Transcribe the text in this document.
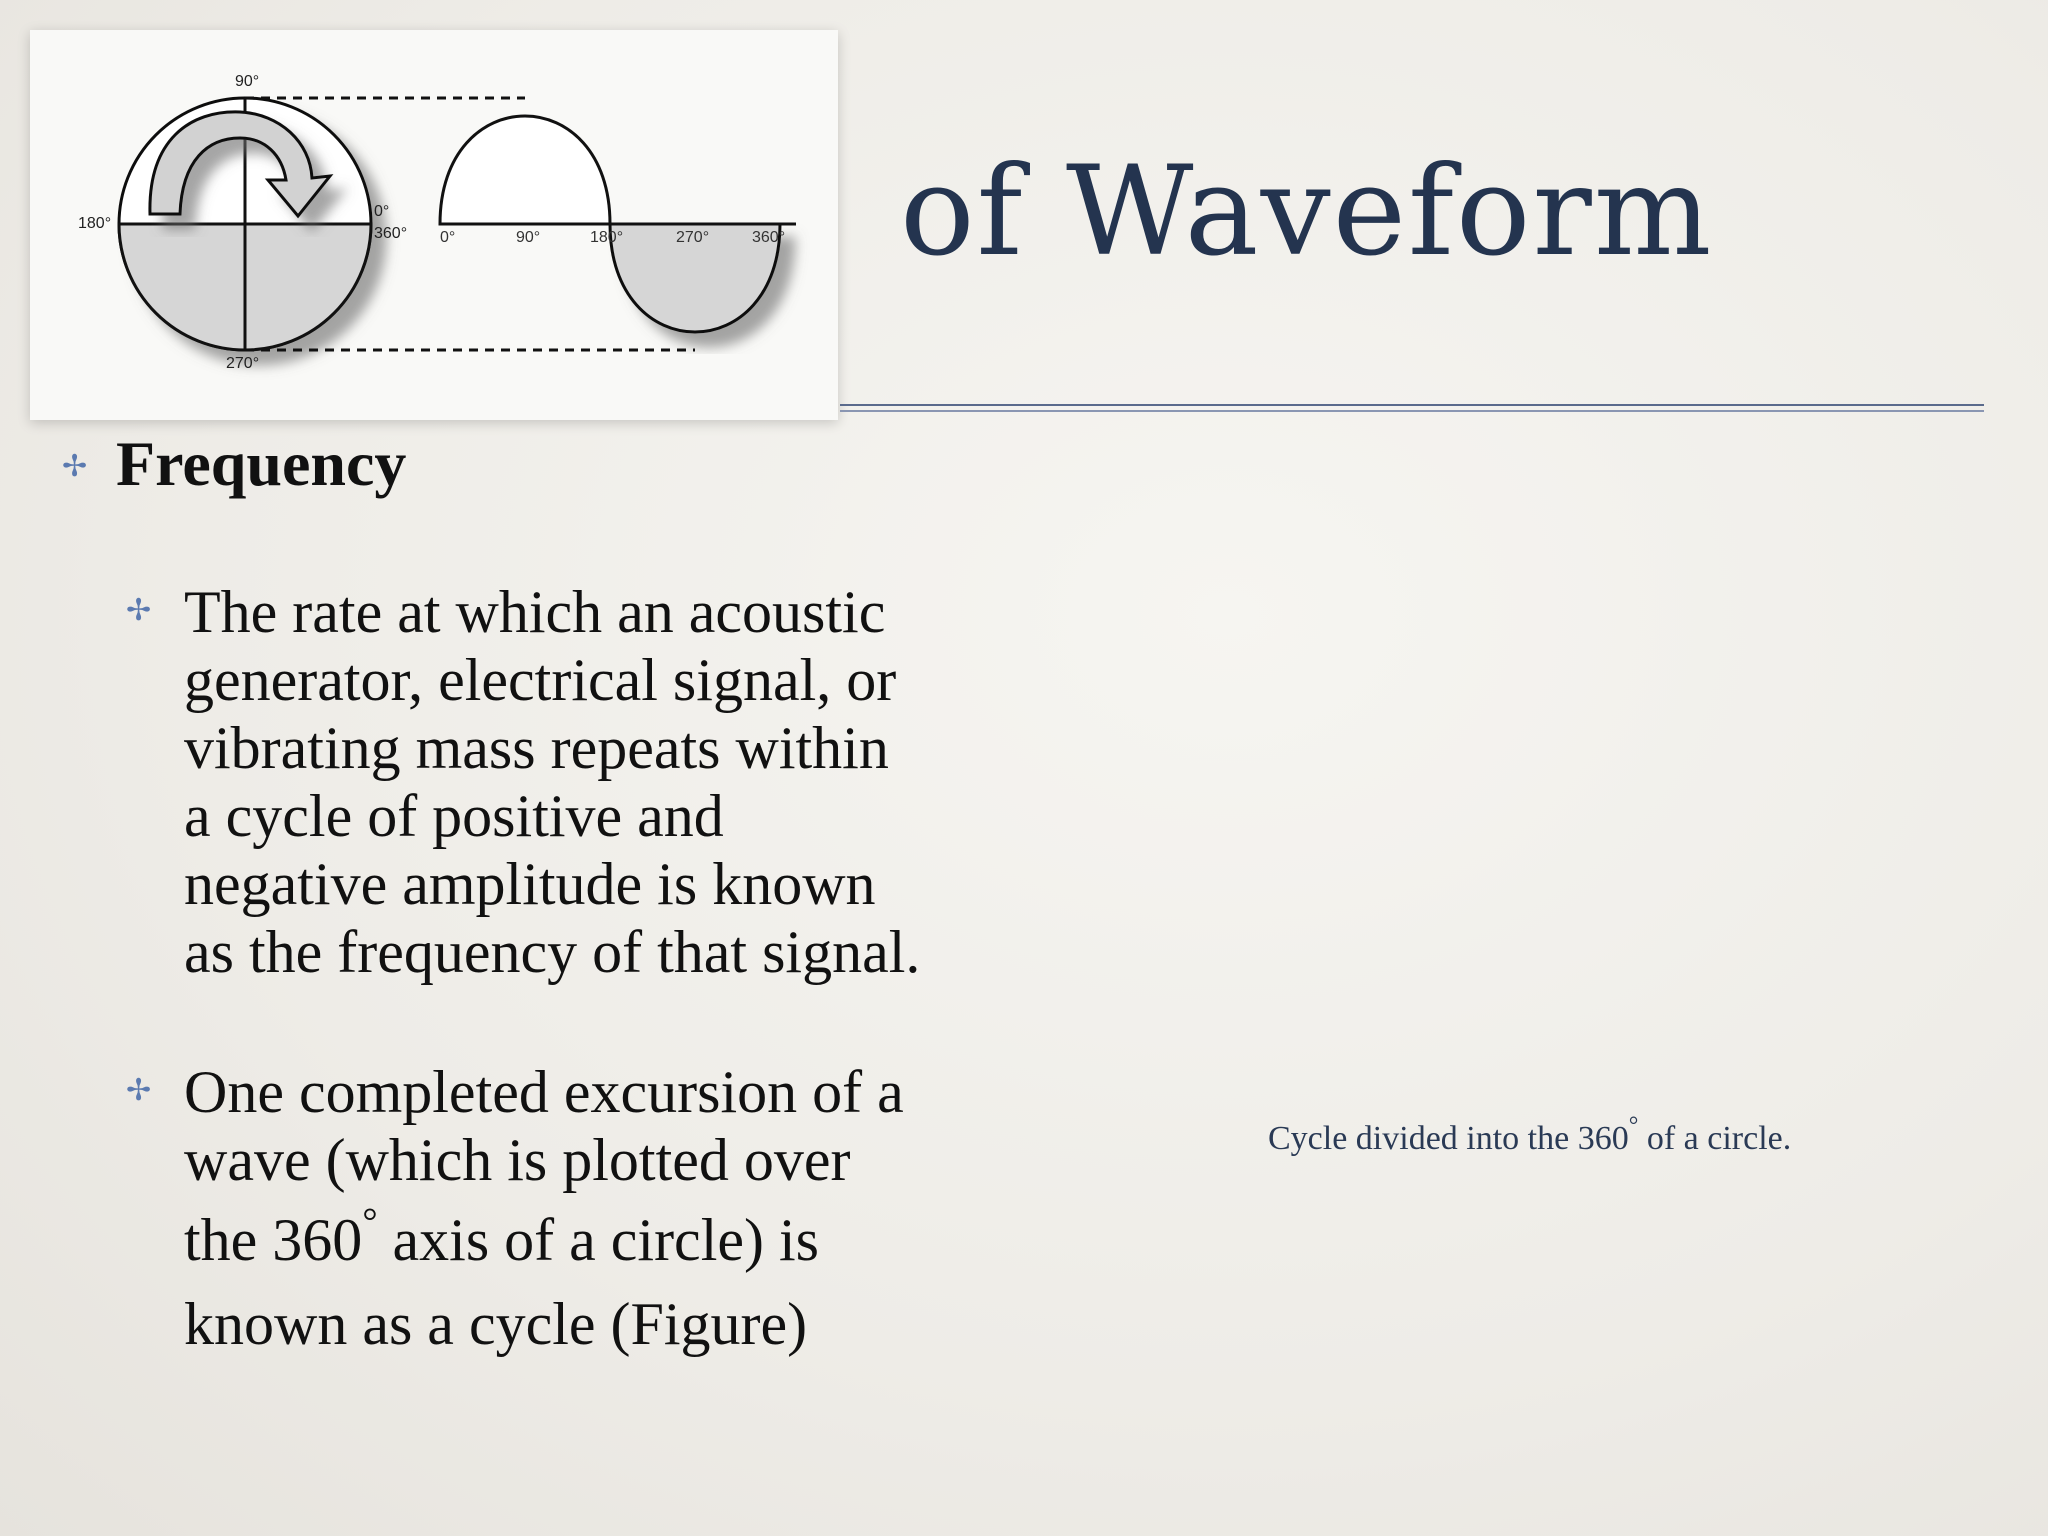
90°
180°
0°
360°
270°
0°	90°	180°	270°	360° of Waveform
✢ Frequency
✢ The rate at which an acoustic
generator, electrical signal, or
vibrating mass repeats within
a cycle of positive and
negative amplitude is known
as the frequency of that signal.
✢ One completed excursion of a
wave (which is plotted over
the 360° axis of a circle) is
known as a cycle (Figure)
Cycle divided into the 360° of a circle.
